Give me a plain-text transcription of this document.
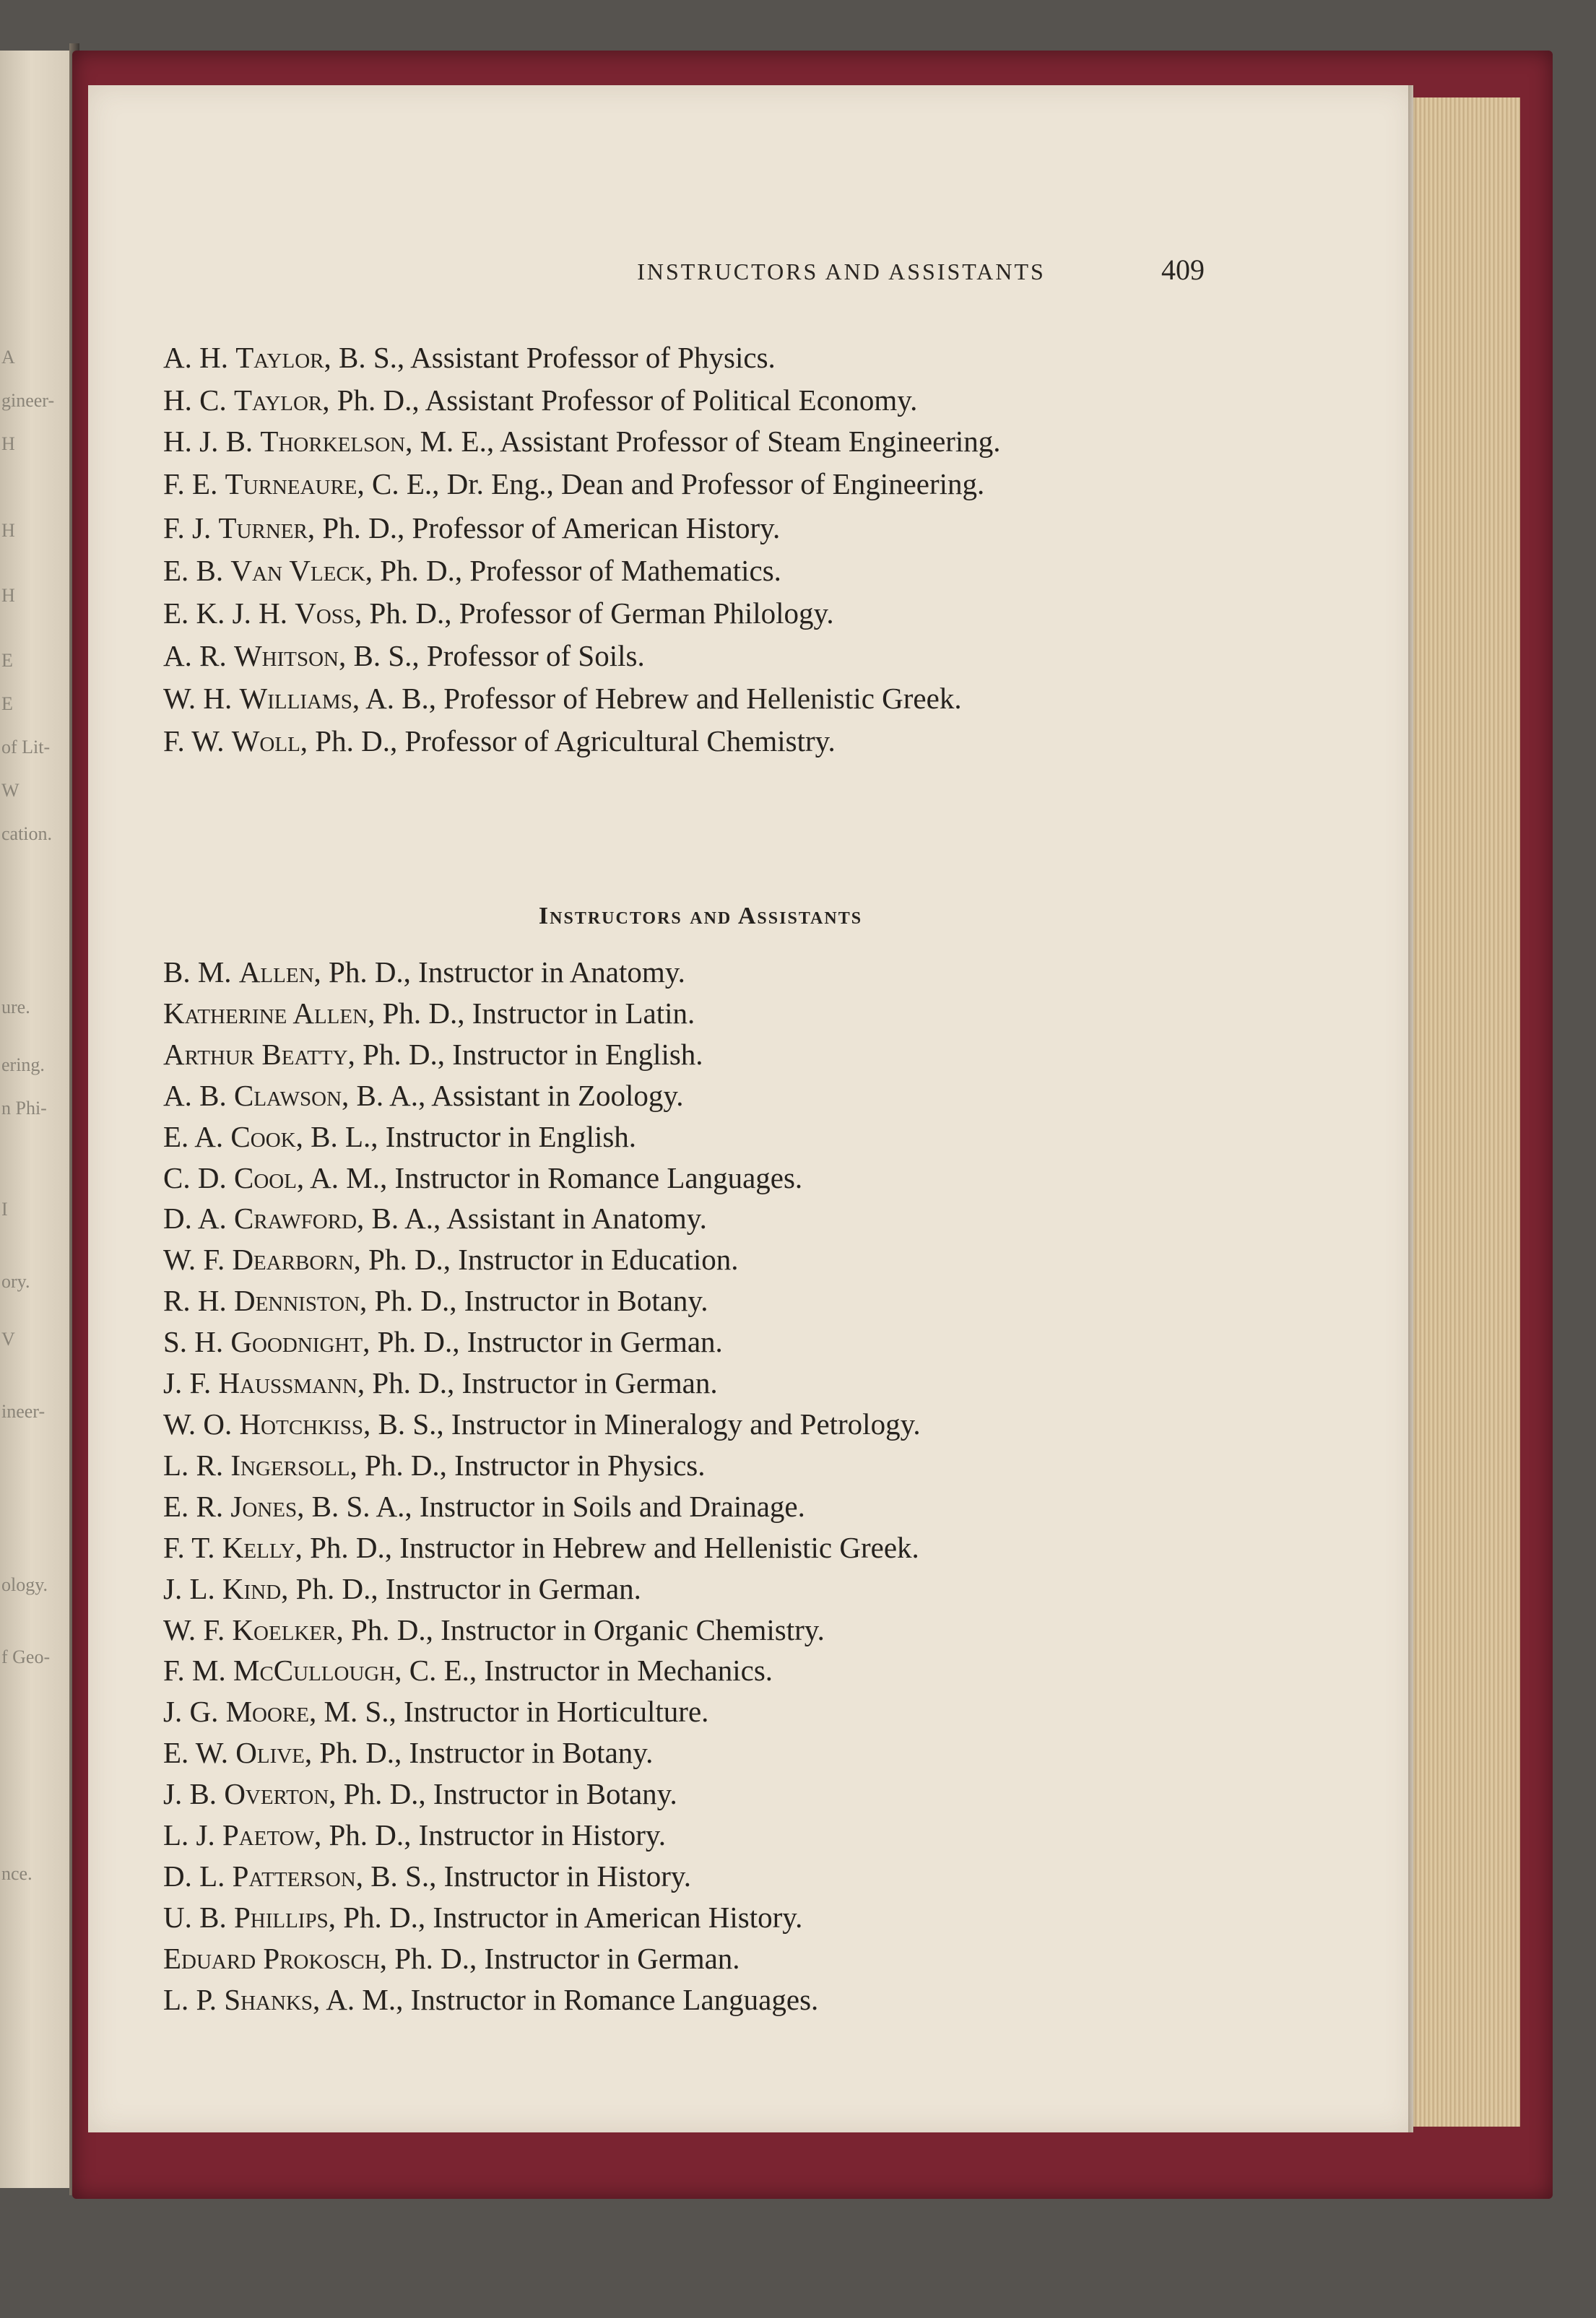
A
gineer-
H
H
H
E
E
of Lit-
W
cation.
ure.
ering.
n Phi-
I
ory.
V
ineer-
ology.
f Geo-
nce.
INSTRUCTORS AND ASSISTANTS	409
A. H. Taylor, B. S., Assistant Professor of Physics.
H. C. Taylor, Ph. D., Assistant Professor of Political Economy.
H. J. B. Thorkelson, M. E., Assistant Professor of Steam Engineering.
F. E. Turneaure, C. E., Dr. Eng., Dean and Professor of Engineering.
F. J. Turner, Ph. D., Professor of American History.
E. B. Van Vleck, Ph. D., Professor of Mathematics.
E. K. J. H. Voss, Ph. D., Professor of German Philology.
A. R. Whitson, B. S., Professor of Soils.
W. H. Williams, A. B., Professor of Hebrew and Hellenistic Greek.
F. W. Woll, Ph. D., Professor of Agricultural Chemistry.
Instructors and Assistants
B. M. Allen, Ph. D., Instructor in Anatomy.
Katherine Allen, Ph. D., Instructor in Latin.
Arthur Beatty, Ph. D., Instructor in English.
A. B. Clawson, B. A., Assistant in Zoology.
E. A. Cook, B. L., Instructor in English.
C. D. Cool, A. M., Instructor in Romance Languages.
D. A. Crawford, B. A., Assistant in Anatomy.
W. F. Dearborn, Ph. D., Instructor in Education.
R. H. Denniston, Ph. D., Instructor in Botany.
S. H. Goodnight, Ph. D., Instructor in German.
J. F. Haussmann, Ph. D., Instructor in German.
W. O. Hotchkiss, B. S., Instructor in Mineralogy and Petrology.
L. R. Ingersoll, Ph. D., Instructor in Physics.
E. R. Jones, B. S. A., Instructor in Soils and Drainage.
F. T. Kelly, Ph. D., Instructor in Hebrew and Hellenistic Greek.
J. L. Kind, Ph. D., Instructor in German.
W. F. Koelker, Ph. D., Instructor in Organic Chemistry.
F. M. McCullough, C. E., Instructor in Mechanics.
J. G. Moore, M. S., Instructor in Horticulture.
E. W. Olive, Ph. D., Instructor in Botany.
J. B. Overton, Ph. D., Instructor in Botany.
L. J. Paetow, Ph. D., Instructor in History.
D. L. Patterson, B. S., Instructor in History.
U. B. Phillips, Ph. D., Instructor in American History.
Eduard Prokosch, Ph. D., Instructor in German.
L. P. Shanks, A. M., Instructor in Romance Languages.
